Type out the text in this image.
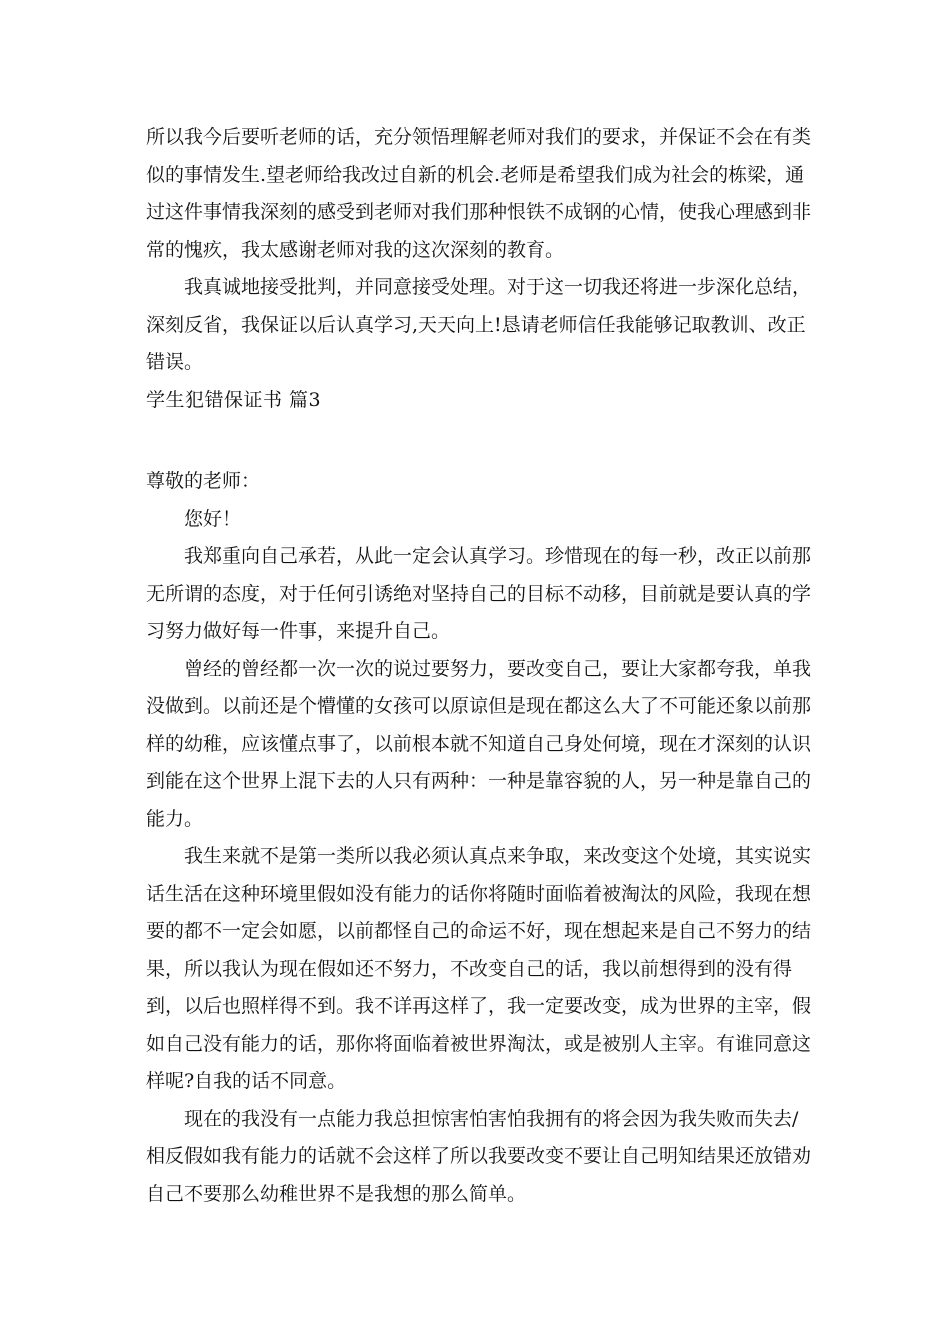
所以我今后要听老师的话，充分领悟理解老师对我们的要求，并保证不会在有类似的事情发生.望老师给我改过自新的机会.老师是希望我们成为社会的栋梁，通过这件事情我深刻的感受到老师对我们那种恨铁不成钢的心情，使我心理感到非常的愧疚，我太感谢老师对我的这次深刻的教育。

我真诚地接受批判，并同意接受处理。对于这一切我还将进一步深化总结，深刻反省，我保证以后认真学习,天天向上!恳请老师信任我能够记取教训、改正错误。

学生犯错保证书 篇3

尊敬的老师：

您好！

我郑重向自己承若，从此一定会认真学习。珍惜现在的每一秒，改正以前那无所谓的态度，对于任何引诱绝对坚持自己的目标不动移，目前就是要认真的学习努力做好每一件事，来提升自己。

曾经的曾经都一次一次的说过要努力，要改变自己，要让大家都夸我，单我没做到。以前还是个懵懂的女孩可以原谅但是现在都这么大了不可能还象以前那样的幼稚，应该懂点事了，以前根本就不知道自己身处何境，现在才深刻的认识到能在这个世界上混下去的人只有两种：一种是靠容貌的人，另一种是靠自己的能力。

我生来就不是第一类所以我必须认真点来争取，来改变这个处境，其实说实话生活在这种环境里假如没有能力的话你将随时面临着被淘汰的风险，我现在想要的都不一定会如愿，以前都怪自己的命运不好，现在想起来是自己不努力的结果，所以我认为现在假如还不努力，不改变自己的话，我以前想得到的没有得到，以后也照样得不到。我不详再这样了，我一定要改变，成为世界的主宰，假如自己没有能力的话，那你将面临着被世界淘汰，或是被别人主宰。有谁同意这样呢?自我的话不同意。

现在的我没有一点能力我总担惊害怕害怕我拥有的将会因为我失败而失去/相反假如我有能力的话就不会这样了所以我要改变不要让自己明知结果还放错劝自己不要那么幼稚世界不是我想的那么简单。
